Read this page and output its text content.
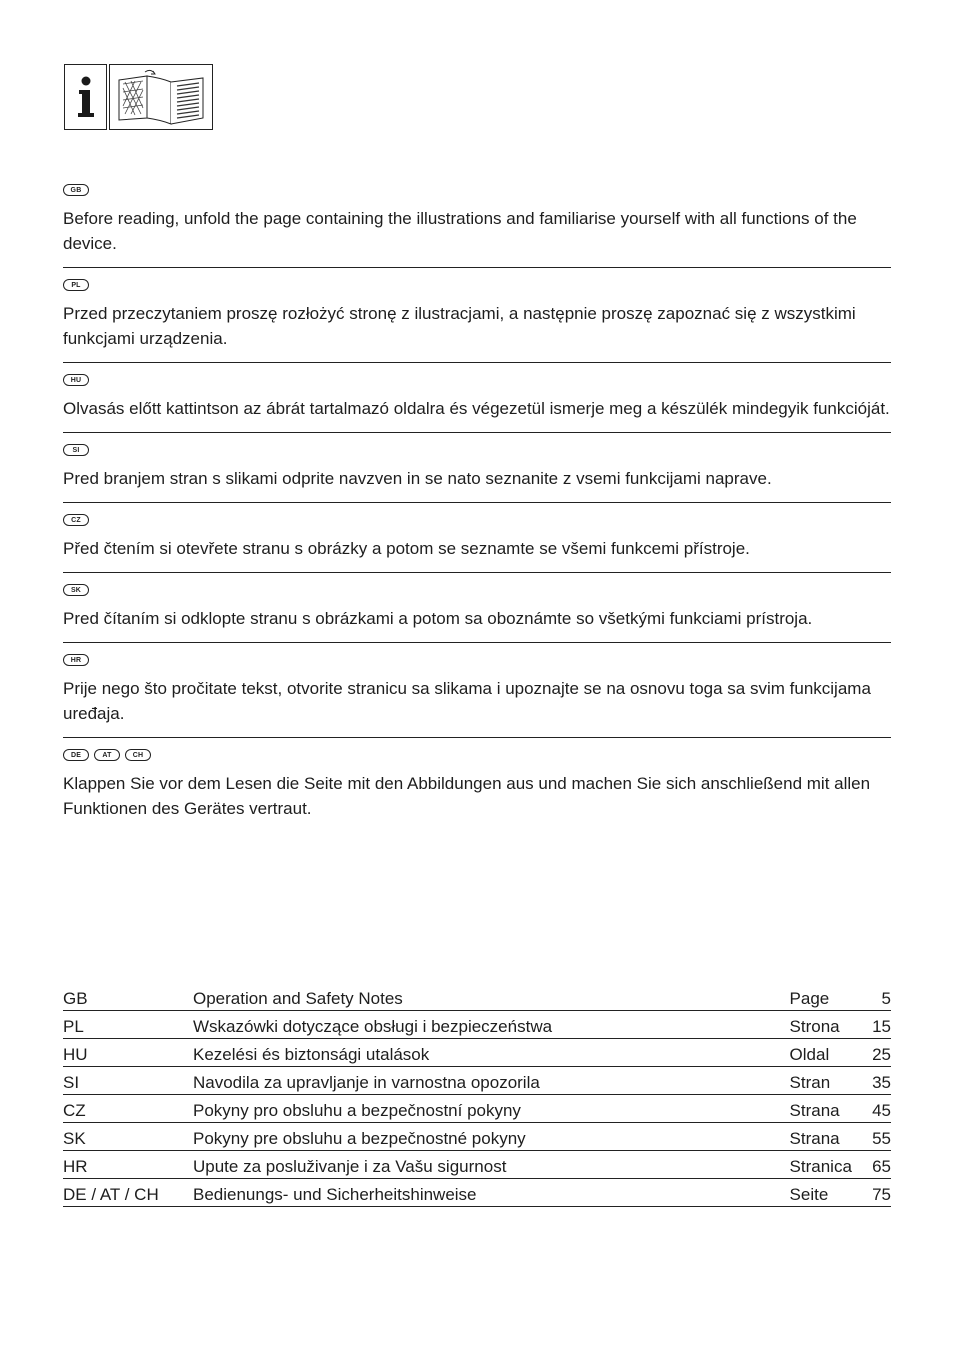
GB

Before reading, unfold the page containing the illustrations and familiarise yourself with all functions of the device.

PL

Przed przeczytaniem proszę rozłożyć stronę z ilustracjami, a następnie proszę zapoznać się z wszystkimi funkcjami urządzenia.

HU

Olvasás előtt kattintson az ábrát tartalmazó oldalra és végezetül ismerje meg a készülék mindegyik funkcióját.

SI

Pred branjem stran s slikami odprite navzven in se nato seznanite z vsemi funkcijami naprave.

CZ

Před čtením si otevřete stranu s obrázky a potom se seznamte se všemi funkcemi přístroje.

SK

Pred čítaním si odklopte stranu s obrázkami a potom sa oboznámte so všetkými funkciami prístroja.

HR

Prije nego što pročitate tekst, otvorite stranicu sa slikama i upoznajte se na osnovu toga sa svim funkcijama uređaja.

DE	AT	CH

Klappen Sie vor dem Lesen die Seite mit den Abbildungen aus und machen Sie sich anschließend mit allen Funktionen des Gerätes vertraut.

GB	Operation and Safety Notes	Page	5
PL	Wskazówki dotyczące obsługi i bezpieczeństwa	Strona	15
HU	Kezelési és biztonsági utalások	Oldal	25
SI	Navodila za upravljanje in varnostna opozorila	Stran	35
CZ	Pokyny pro obsluhu a bezpečnostní pokyny	Strana	45
SK	Pokyny pre obsluhu a bezpečnostné pokyny	Strana	55
HR	Upute za posluživanje i za Vašu sigurnost	Stranica	65
DE / AT / CH	Bedienungs- und Sicherheitshinweise	Seite	75
